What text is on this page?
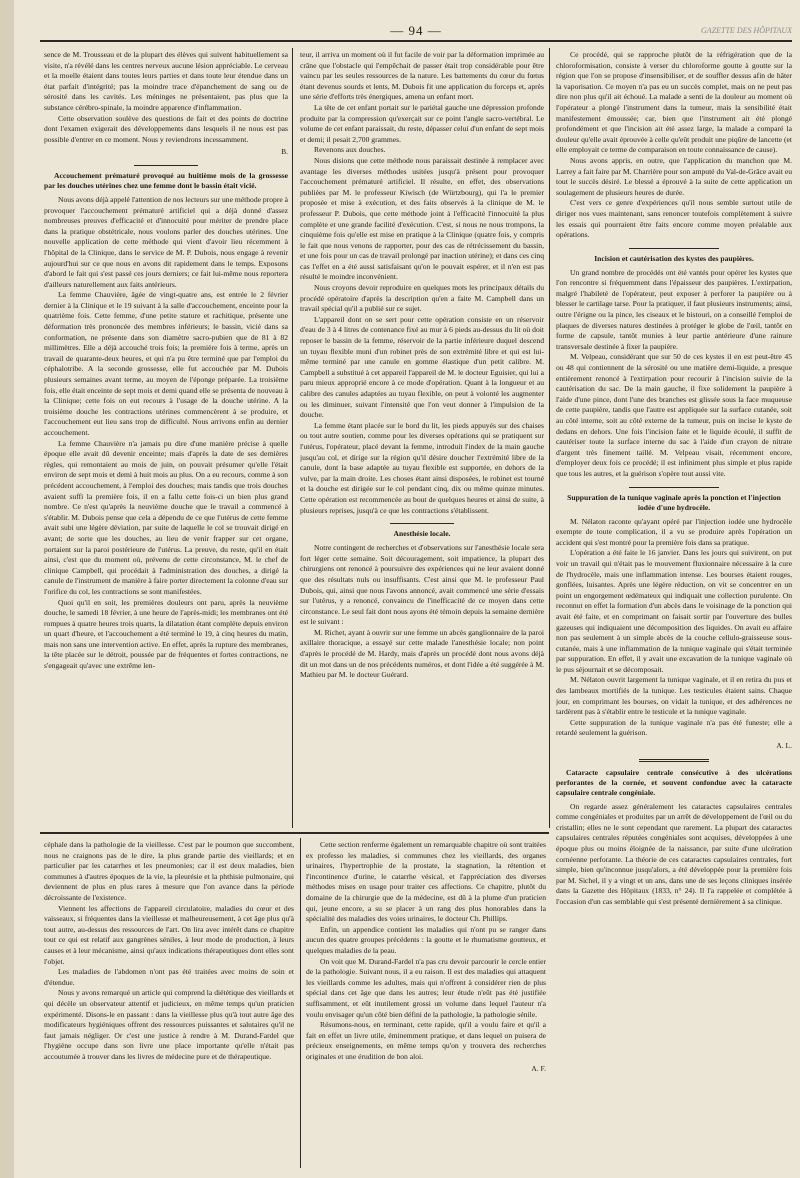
— 94 —	GAZETTE DES HÔPITAUX

sence de M. Trousseau et de la plupart des élèves qui suivent habituellement sa visite, n'a révélé dans les centres nerveux aucune lésion appréciable. Le cerveau et la moelle étaient dans toutes leurs parties et dans toute leur étendue dans un état parfait d'intégrité; pas la moindre trace d'épanchement de sang ou de sérosité dans les cavités. Les méninges ne présentaient, pas plus que la substance cérébro-spinale, la moindre apparence d'inflammation.

Cette observation soulève des questions de fait et des points de doctrine dont l'examen exigerait des développements dans lesquels il ne nous est pas possible d'entrer en ce moment. Nous y reviendrons incessamment.

B.
Accouchement prématuré provoqué au huitième mois de la grossesse par les douches utérines chez une femme dont le bassin était vicié.

Nous avons déjà appelé l'attention de nos lecteurs sur une méthode propre à provoquer l'accouchement prématuré artificiel qui a déjà donné d'assez nombreuses preuves d'efficacité et d'innocuité pour mériter de prendre place dans la pratique obstétricale, nous voulons parler des douches utérines. Une nouvelle application de cette méthode qui vient d'avoir lieu récemment à l'hôpital de la Clinique, dans le service de M. P. Dubois, nous engage à revenir aujourd'hui sur ce que nous en avons dit rapidement dans le temps. Exposons d'abord le fait qui s'est passé ces jours derniers; ce fait lui-même nous reportera d'ailleurs naturellement aux faits antérieurs.

La femme Chauvière, âgée de vingt-quatre ans, est entrée le 2 février dernier à la Clinique et le 19 suivant à la salle d'accouchement, enceinte pour la quatrième fois. Cette femme, d'une petite stature et rachitique, présente une déformation très prononcée des membres inférieurs; le bassin, vicié dans sa conformation, ne présente dans son diamètre sacro-pubien que de 81 à 82 millimètres. Elle a déjà accouché trois fois; la première fois à terme, après un travail de quarante-deux heures, et qui n'a pu être terminé que par l'emploi du céphalotribe. A la seconde grossesse, elle fut accouchée par M. Dubois plusieurs semaines avant terme, au moyen de l'éponge préparée. La troisième fois, elle était enceinte de sept mois et demi quand elle se présenta de nouveau à la Clinique; cette fois on eut recours à l'usage de la douche utérine. A la troisième douche les contractions utérines commencèrent à se produire, et l'accouchement eut lieu sans trop de difficulté. Nous arrivons enfin au dernier accouchement.

La femme Chauvière n'a jamais pu dire d'une manière précise à quelle époque elle avait dû devenir enceinte; mais d'après la date de ses dernières règles, qui remontaient au mois de juin, on pouvait présumer qu'elle l'était environ de sept mois et demi à huit mois au plus. On a eu recours, comme à son précédent accouchement, à l'emploi des douches; mais tandis que trois douches avaient suffi la première fois, il en a fallu cette fois-ci un bien plus grand nombre. Ce n'est qu'après la neuvième douche que le travail a commencé à s'établir. M. Dubois pense que cela a dépendu de ce que l'utérus de cette femme avait subi une légère déviation, par suite de laquelle le col se trouvait dirigé en avant; de sorte que les douches, au lieu de venir frapper sur cet organe, portaient sur la paroi postérieure de l'utérus. La preuve, du reste, qu'il en était ainsi, c'est que du moment où, prévenu de cette circonstance, M. le chef de clinique Campbell, qui procédait à l'administration des douches, a dirigé la canule de l'instrument de manière à faire porter directement la colonne d'eau sur l'orifice du col, les contractions se sont manifestées.

Quoi qu'il en soit, les premières douleurs ont paru, après la neuvième douche, le samedi 18 février, à une heure de l'après-midi; les membranes ont été rompues à quatre heures trois quarts, la dilatation étant complète depuis environ un quart d'heure, et l'accouchement a été terminé le 19, à cinq heures du matin, mais non sans une intervention active. En effet, après la rupture des membranes, la tête placée sur le détroit, poussée par de fréquentes et fortes contractions, ne s'engageait qu'avec une extrême len-

teur, il arriva un moment où il fut facile de voir par la déformation imprimée au crâne que l'obstacle qui l'empêchait de passer était trop considérable pour être vaincu par les seules ressources de la nature. Les battements du cœur du fœtus étant devenus sourds et lents, M. Dubois fit une application du forceps et, après une série d'efforts très énergiques, amena un enfant mort.

La tête de cet enfant portait sur le pariétal gauche une dépression profonde produite par la compression qu'exerçait sur ce point l'angle sacro-vertébral. Le volume de cet enfant paraissait, du reste, dépasser celui d'un enfant de sept mois et demi; il pesait 2,700 grammes.

Revenons aux douches.

Nous disions que cette méthode nous paraissait destinée à remplacer avec avantage les diverses méthodes usitées jusqu'à présent pour provoquer l'accouchement prématuré artificiel. Il résulte, en effet, des observations publiées par M. le professeur Kiwisch (de Würtzbourg), qui l'a le premier proposée et mise à exécution, et des faits observés à la clinique de M. le professeur P. Dubois, que cette méthode joint à l'efficacité l'innocuité la plus complète et une grande facilité d'exécution. C'est, si nous ne nous trompons, la cinquième fois qu'elle est mise en pratique à la Clinique (quatre fois, y compris le fait que nous venons de rapporter, pour des cas de rétrécissement du bassin, et une fois pour un cas de travail prolongé par inaction utérine); et dans ces cinq cas l'effet en a été aussi satisfaisant qu'on le pouvait espérer, et il n'en est pas résulté le moindre inconvénient.

Nous croyons devoir reproduire en quelques mots les principaux détails du procédé opératoire d'après la description qu'en a faite M. Campbell dans un travail spécial qu'il a publié sur ce sujet.

L'appareil dont on se sert pour cette opération consiste en un réservoir d'eau de 3 à 4 litres de contenance fixé au mur à 6 pieds au-dessus du lit où doit reposer le bassin de la femme, réservoir de la partie inférieure duquel descend un tuyau flexible muni d'un robinet près de son extrémité libre et qui est lui-même terminé par une canule en gomme élastique d'un petit calibre. M. Campbell a substitué à cet appareil l'appareil de M. le docteur Eguisier, qui lui a paru mieux approprié encore à ce mode d'opération. Quant à la longueur et au calibre des canules adaptées au tuyau flexible, on peut à volonté les augmenter ou les diminuer, suivant l'intensité que l'on veut donner à l'impulsion de la douche.

La femme étant placée sur le bord du lit, les pieds appuyés sur des chaises ou tout autre soutien, comme pour les diverses opérations qui se pratiquent sur l'utérus, l'opérateur, placé devant la femme, introduit l'index de la main gauche jusqu'au col, et dirige sur la région qu'il désire doucher l'extrémité libre de la canule, dont la base adaptée au tuyau flexible est supportée, en dehors de la vulve, par la main droite. Les choses étant ainsi disposées, le robinet est tourné et la douche est dirigée sur le col pendant cinq, dix ou même quinze minutes. Cette opération est recommencée au bout de quelques heures et ainsi de suite, à plusieurs reprises, jusqu'à ce que les contractions s'établissent.

Anesthésie locale.

Notre contingent de recherches et d'observations sur l'anesthésie locale sera fort léger cette semaine. Soit découragement, soit impatience, la plupart des chirurgiens ont renoncé à poursuivre des expériences qui ne leur avaient donné que des résultats nuls ou insuffisants. C'est ainsi que M. le professeur Paul Dubois, qui, ainsi que nous l'avons annoncé, avait commencé une série d'essais sur l'utérus, y a renoncé, convaincu de l'inefficacité de ce moyen dans cette circonstance. Le seul fait dont nous ayons été témoin depuis la semaine dernière est le suivant :

M. Richet, ayant à ouvrir sur une femme un abcès ganglionnaire de la paroi axillaire thoracique, a essayé sur cette malade l'anesthésie locale; non point d'après le procédé de M. Hardy, mais d'après un procédé dont nous avons déjà dit un mot dans un de nos précédents numéros, et dont l'idée a été suggérée à M. Mathieu par M. le docteur Guérard.

Ce procédé, qui se rapproche plutôt de la réfrigération que de la chloroformisation, consiste à verser du chloroforme goutte à goutte sur la région que l'on se propose d'insensibiliser, et de souffler dessus afin de hâter la vaporisation. Ce moyen n'a pas eu un succès complet, mais on ne peut pas dire non plus qu'il ait échoué. La malade a senti de la douleur au moment où l'opérateur a plongé l'instrument dans la tumeur, mais la sensibilité était manifestement émoussée; car, bien que l'instrument ait été plongé profondément et que l'incision ait été assez large, la malade a comparé la douleur qu'elle avait éprouvée à celle qu'eût produit une piqûre de lancette (et elle employait ce terme de comparaison en toute connaissance de cause).

Nous avons appris, en outre, que l'application du manchon que M. Larrey a fait faire par M. Charrière pour son amputé du Val-de-Grâce avait eu tout le succès désiré. Le blessé a éprouvé à la suite de cette application un soulagement de plusieurs heures de durée.

C'est vers ce genre d'expériences qu'il nous semble surtout utile de diriger nos vues maintenant, sans renoncer toutefois complètement à suivre les essais qui pourraient être faits encore comme moyen préalable aux opérations.

Incision et cautérisation des kystes des paupières.

Un grand nombre de procédés ont été vantés pour opérer les kystes que l'on rencontre si fréquemment dans l'épaisseur des paupières. L'extirpation, malgré l'habileté de l'opérateur, peut exposer à perforer la paupière ou à blesser le cartilage tarse. Pour la pratiquer, il faut plusieurs instruments; ainsi, outre l'érigne ou la pince, les ciseaux et le bistouri, on a conseillé l'emploi de plaques de diverses natures destinées à protéger le globe de l'œil, tantôt en forme de capsule, tantôt munies à leur partie antérieure d'une rainure transversale destinée à fixer la paupière.

M. Velpeau, considérant que sur 50 de ces kystes il en est peut-être 45 ou 48 qui contiennent de la sérosité ou une matière demi-liquide, a presque entièrement renoncé à l'extirpation pour recourir à l'incision suivie de la cautérisation du sac. De la main gauche, il fixe solidement la paupière à l'aide d'une pince, dont l'une des branches est glissée sous la face muqueuse de cette paupière, tandis que l'autre est appliquée sur la surface cutanée, soit au côté interne, soit au côté externe de la tumeur, puis on incise le kyste de dedans en dehors. Une fois l'incision faite et le liquide écoulé, il suffit de cautériser toute la surface interne du sac à l'aide d'un crayon de nitrate d'argent très finement taillé. M. Velpeau visait, récemment encore, d'employer deux fois ce procédé; il est infiniment plus simple et plus rapide que tous les autres, et la guérison s'opère tout aussi vite.

Suppuration de la tunique vaginale après la ponction et l'injection iodée d'une hydrocèle.

M. Nélaton raconte qu'ayant opéré par l'injection iodée une hydrocèle exempte de toute complication, il a vu se produire après l'opération un accident qui s'est montré pour la première fois dans sa pratique.

L'opération a été faite le 16 janvier. Dans les jours qui suivirent, on put voir un travail qui n'était pas le mouvement fluxionnaire nécessaire à la cure de l'hydrocèle, mais une inflammation intense. Les bourses étaient rouges, gonflées, luisantes. Après une légère réduction, on vit se concentrer en un point un engorgement œdémateux qui indiquait une collection purulente. On reconnut en effet la formation d'un abcès dans le voisinage de la ponction qui avait été faite, et en comprimant on faisait sortir par l'ouverture des bulles gazeuses qui indiquaient une décomposition des liquides. On avait eu affaire non pas seulement à un simple abcès de la couche cellulo-graisseuse sous-cutanée, mais à une inflammation de la tunique vaginale qui s'était terminée par suppuration. En effet, il y avait une excavation de la tunique vaginale où le pus séjournait et se décomposait.

M. Nélaton ouvrit largement la tunique vaginale, et il en retira du pus et des lambeaux mortifiés de la tunique. Les testicules étaient sains. Chaque jour, en comprimant les bourses, on vidait la tunique, et des adhérences ne tardèrent pas à s'établir entre le testicule et la tunique vaginale.

Cette suppuration de la tunique vaginale n'a pas été funeste; elle a retardé seulement la guérison.

A. L.
Cataracte capsulaire centrale consécutive à des ulcérations perforantes de la cornée, et souvent confondue avec la cataracte capsulaire centrale congéniale.

On regarde assez généralement les cataractes capsulaires centrales comme congéniales et produites par un arrêt de développement de l'œil ou du cristallin; elles ne le sont cependant que rarement. La plupart des cataractes capsulaires centrales réputées congéniales sont acquises, développées à une époque plus ou moins éloignée de la naissance, par suite d'une ulcération cornéenne perforante. La théorie de ces cataractes capsulaires centrales, fort simple, bien qu'inconnue jusqu'alors, a été développée pour la première fois par M. Sichel, il y a vingt et un ans, dans une de ses leçons cliniques insérée dans la Gazette des Hôpitaux (1833, n° 24). Il l'a rappelée et complétée à l'occasion d'un cas semblable qui s'est présenté dernièrement à sa clinique.

céphale dans la pathologie de la vieillesse. C'est par le poumon que succombent, nous ne craignons pas de le dire, la plus grande partie des vieillards; et en particulier par les catarrhes et les pneumonies; car il est deux maladies, bien communes à d'autres époques de la vie, la pleurésie et la phthisie pulmonaire, qui deviennent de plus en plus rares à mesure que l'on avance dans la période décroissante de l'existence.

Viennent les affections de l'appareil circulatoire, maladies du cœur et des vaisseaux, si fréquentes dans la vieillesse et malheureusement, à cet âge plus qu'à tout autre, au-dessus des ressources de l'art. On lira avec intérêt dans ce chapitre tout ce qui est relatif aux gangrènes séniles, à leur mode de production, à leurs causes et à leur mécanisme, ainsi qu'aux indications thérapeutiques dont elles sont l'objet.

Les maladies de l'abdomen n'ont pas été traitées avec moins de soin et d'étendue.

Nous y avons remarqué un article qui comprend la diététique des vieillards et qui décèle un observateur attentif et judicieux, en même temps qu'un praticien expérimenté. Disons-le en passant : dans la vieillesse plus qu'à tout autre âge des modificateurs hygiéniques offrent des ressources puissantes et salutaires qu'il ne faut jamais négliger. Or c'est une justice à rendre à M. Durand-Fardel que l'hygiène occupe dans son livre une place importante qu'elle n'était pas accoutumée à trouver dans les livres de médecine pure et de thérapeutique.

Cette section renferme également un remarquable chapitre où sont traitées ex professo les maladies, si communes chez les vieillards, des organes urinaires, l'hypertrophie de la prostate, la stagnation, la rétention et l'incontinence d'urine, le catarrhe vésical, et l'appréciation des diverses méthodes mises en usage pour traiter ces affections. Ce chapitre, plutôt du domaine de la chirurgie que de la médecine, est dû à la plume d'un praticien qui, jeune encore, a su se placer à un rang des plus honorables dans la spécialité des maladies des voies urinaires, le docteur Ch. Phillips.

Enfin, un appendice contient les maladies qui n'ont pu se ranger dans aucun des quatre groupes précédents : la goutte et le rhumatisme goutteux, et quelques maladies de la peau.

On voit que M. Durand-Fardel n'a pas cru devoir parcourir le cercle entier de la pathologie. Suivant nous, il a eu raison. Il est des maladies qui attaquent les vieillards comme les adultes, mais qui n'offrent à considérer rien de plus spécial dans cet âge que dans les autres; leur étude n'eût pas été justifiée suffisamment, et eût inutilement grossi un volume dans lequel l'auteur n'a voulu envisager qu'un côté bien défini de la pathologie, la pathologie sénile.

Résumons-nous, en terminant, cette rapide, qu'il a voulu faire et qu'il a fait en effet un livre utile, éminemment pratique, et dans lequel on puisera de précieux enseignements, en même temps qu'on y trouvera des recherches originales et une érudition de bon aloi.

A. F.
